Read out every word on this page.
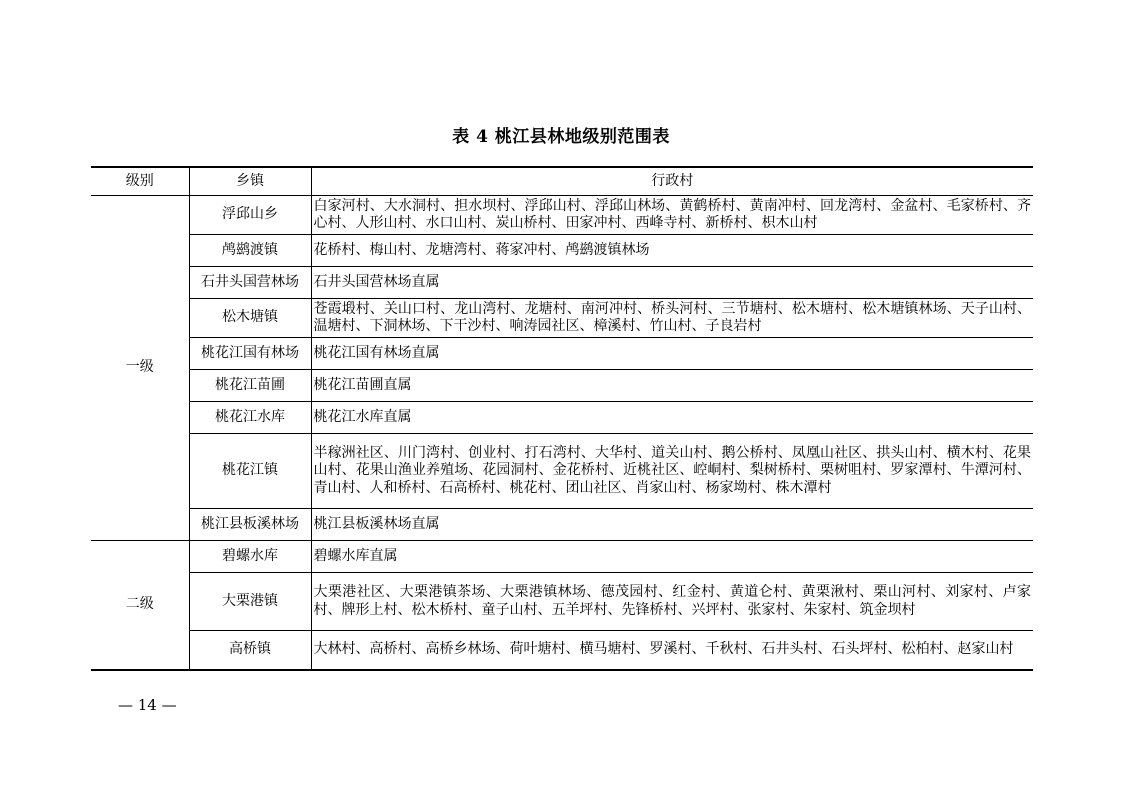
表 4 桃江县林地级别范围表
级别	乡镇	行政村
一级	浮邱山乡	白家河村、大水洞村、担水坝村、浮邱山村、浮邱山林场、黄鹤桥村、黄南冲村、回龙湾村、金盆村、毛家桥村、齐心村、人形山村、水口山村、炭山桥村、田家冲村、西峰寺村、新桥村、枳木山村
	鸬鹚渡镇	花桥村、梅山村、龙塘湾村、蒋家冲村、鸬鹚渡镇林场
	石井头国营林场	石井头国营林场直属
	松木塘镇	苍霞塅村、关山口村、龙山湾村、龙塘村、南河冲村、桥头河村、三节塘村、松木塘村、松木塘镇林场、天子山村、温塘村、下洞林场、下干沙村、响涛园社区、樟溪村、竹山村、子良岩村
	桃花江国有林场	桃花江国有林场直属
	桃花江苗圃	桃花江苗圃直属
	桃花江水库	桃花江水库直属
	桃花江镇	半稼洲社区、川门湾村、创业村、打石湾村、大华村、道关山村、鹅公桥村、凤凰山社区、拱头山村、横木村、花果山村、花果山渔业养殖场、花园洞村、金花桥村、近桃社区、崆峒村、梨树桥村、栗树咀村、罗家潭村、牛潭河村、青山村、人和桥村、石高桥村、桃花村、团山社区、肖家山村、杨家坳村、株木潭村
	桃江县板溪林场	桃江县板溪林场直属
二级	碧螺水库	碧螺水库直属
	大栗港镇	大栗港社区、大栗港镇茶场、大栗港镇林场、德茂园村、红金村、黄道仑村、黄栗湫村、栗山河村、刘家村、卢家村、牌形上村、松木桥村、童子山村、五羊坪村、先锋桥村、兴坪村、张家村、朱家村、筑金坝村
	高桥镇	大林村、高桥村、高桥乡林场、荷叶塘村、横马塘村、罗溪村、千秋村、石井头村、石头坪村、松柏村、赵家山村
— 14 —
